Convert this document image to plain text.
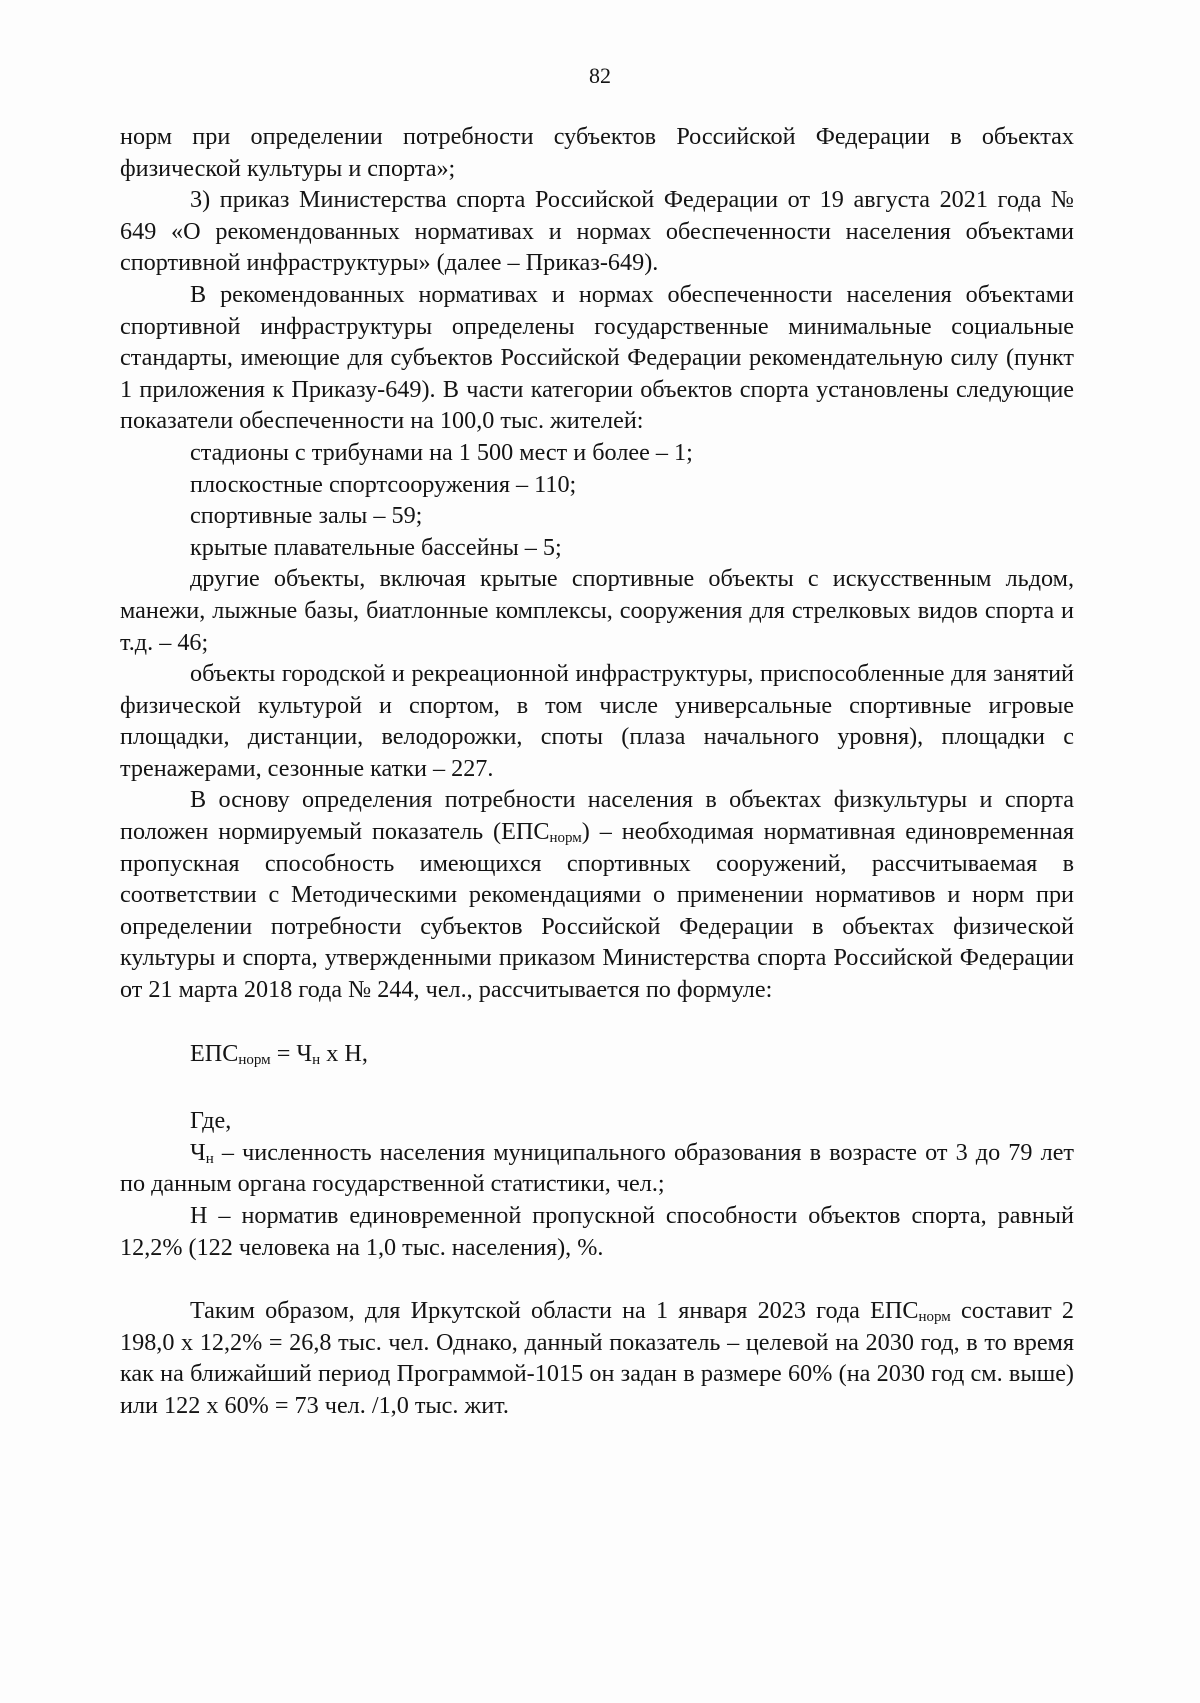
82

норм при определении потребности субъектов Российской Федерации в объектах физической культуры и спорта»;

3) приказ Министерства спорта Российской Федерации от 19 августа 2021 года № 649 «О рекомендованных нормативах и нормах обеспеченности населения объектами спортивной инфраструктуры» (далее – Приказ-649).

В рекомендованных нормативах и нормах обеспеченности населения объектами спортивной инфраструктуры определены государственные минимальные социальные стандарты, имеющие для субъектов Российской Федерации рекомендательную силу (пункт 1 приложения к Приказу-649). В части категории объектов спорта установлены следующие показатели обеспеченности на 100,0 тыс. жителей:

стадионы с трибунами на 1 500 мест и более – 1;

плоскостные спортсооружения – 110;

спортивные залы – 59;

крытые плавательные бассейны – 5;

другие объекты, включая крытые спортивные объекты с искусственным льдом, манежи, лыжные базы, биатлонные комплексы, сооружения для стрелковых видов спорта и т.д. – 46;

объекты городской и рекреационной инфраструктуры, приспособленные для занятий физической культурой и спортом, в том числе универсальные спортивные игровые площадки, дистанции, велодорожки, споты (плаза начального уровня), площадки с тренажерами, сезонные катки – 227.

В основу определения потребности населения в объектах физкультуры и спорта положен нормируемый показатель $(ЕПС_{норм})$ – необходимая нормативная единовременная пропускная способность имеющихся спортивных сооружений, рассчитываемая в соответствии с Методическими рекомендациями о применении нормативов и норм при определении потребности субъектов Российской Федерации в объектах физической культуры и спорта, утвержденными приказом Министерства спорта Российской Федерации от 21 марта 2018 года № 244, чел., рассчитывается по формуле:

$ЕПС_{норм} = Ч_н$ х Н,

Где,

$Ч_н$ – численность населения муниципального образования в возрасте от 3 до 79 лет по данным органа государственной статистики, чел.;

Н – норматив единовременной пропускной способности объектов спорта, равный 12,2% (122 человека на 1,0 тыс. населения), %.

Таким образом, для Иркутской области на 1 января 2023 года $ЕПС_{норм}$ составит 2 198,0 х 12,2% = 26,8 тыс. чел. Однако, данный показатель – целевой на 2030 год, в то время как на ближайший период Программой-1015 он задан в размере 60% (на 2030 год см. выше) или 122 х 60% = 73 чел. /1,0 тыс. жит.
